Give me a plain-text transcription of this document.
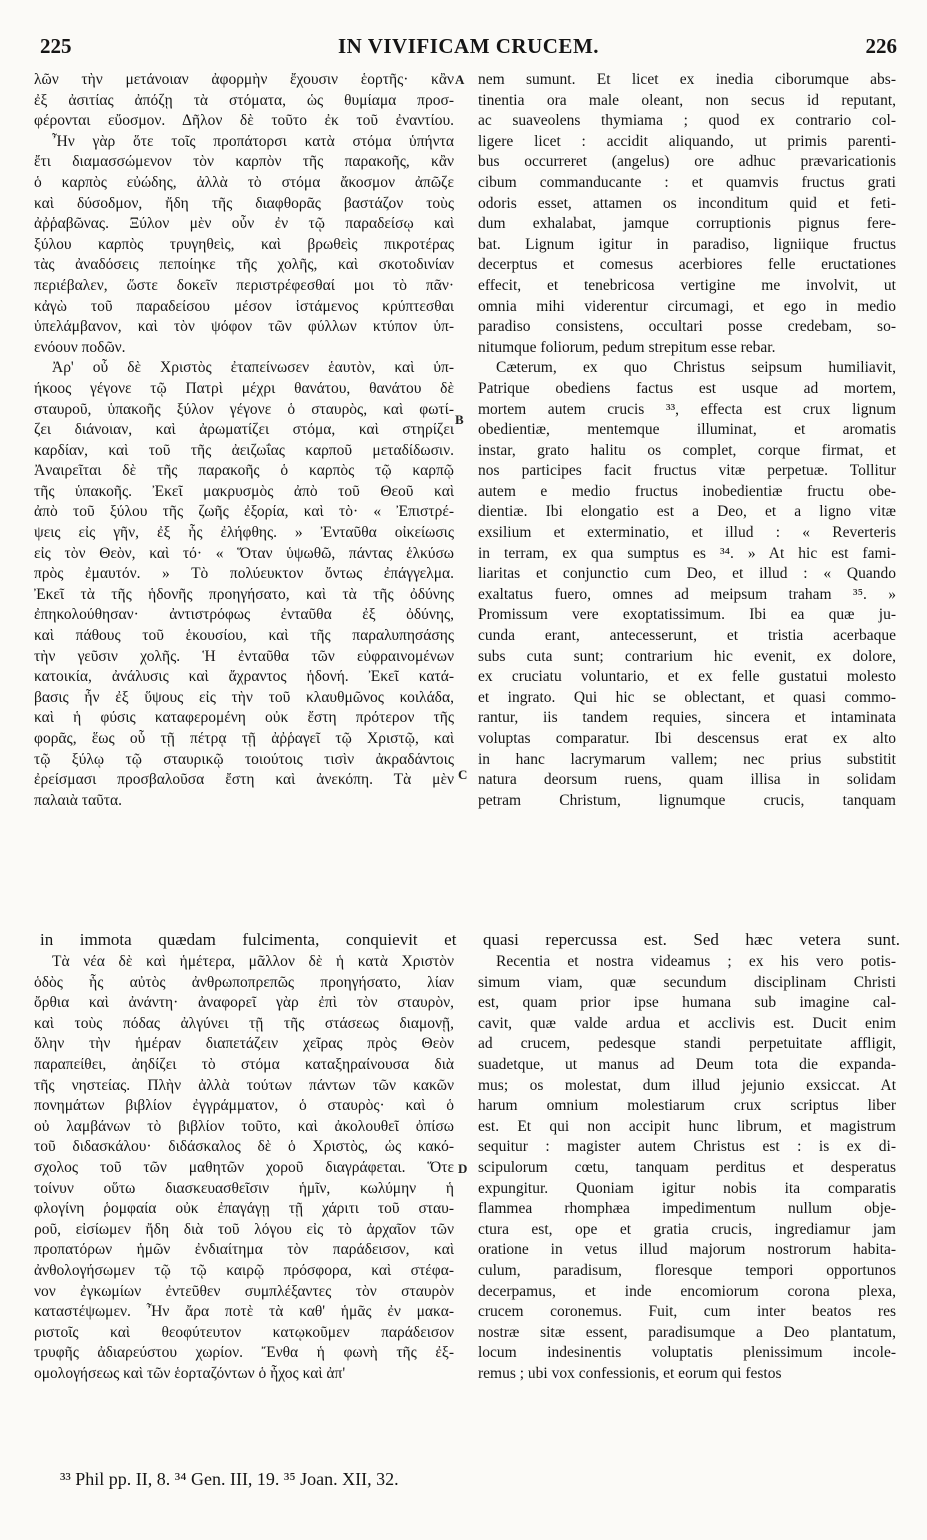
225	IN VIVIFICAM CRUCEM.	226
λῶν τὴν μετάνοιαν ἀφορμὴν ἔχουσιν ἑορτῆς· κἂν
ἐξ ἀσιτίας ἀπόζῃ τὰ στόματα, ὡς θυμίαμα προσ-
φέρονται εὔοσμον. Δῆλον δὲ τοῦτο ἐκ τοῦ ἐναντίου.
Ἦν γὰρ ὅτε τοῖς προπάτορσι κατὰ στόμα ὑπήντα
ἔτι διαμασσώμενον τὸν καρπὸν τῆς παρακοῆς, κἂν
ὁ καρπὸς εὐώδης, ἀλλὰ τὸ στόμα ἄκοσμον ἀπῶζε
καὶ δύσοδμον, ἤδη τῆς διαφθορᾶς βαστάζον τοὺς
ἀῤῥαβῶνας. Ξύλον μὲν οὖν ἐν τῷ παραδείσῳ καὶ
ξύλου καρπὸς τρυγηθεὶς, καὶ βρωθεὶς πικροτέρας
τὰς ἀναδόσεις πεποίηκε τῆς χολῆς, καὶ σκοτοδινίαν
περιέβαλεν, ὥστε δοκεῖν περιστρέφεσθαί μοι τὸ πᾶν·
κἀγὼ τοῦ παραδείσου μέσον ἱστάμενος κρύπτεσθαι
ὑπελάμβανον, καὶ τὸν ψόφον τῶν φύλλων κτύπον ὑπ-
ενόουν ποδῶν.
Ἀρ' οὖ δὲ Χριστὸς ἐταπείνωσεν ἑαυτὸν, καὶ ὑπ-
ήκοος γέγονε τῷ Πατρὶ μέχρι θανάτου, θανάτου δὲ
σταυροῦ, ὑπακοῆς ξύλον γέγονε ὁ σταυρὸς, καὶ φωτί-
ζει διάνοιαν, καὶ ἀρωματίζει στόμα, καὶ στηρίζει
καρδίαν, καὶ τοῦ τῆς ἀειζωΐας καρποῦ μεταδίδωσιν.
Ἀναιρεῖται δὲ τῆς παρακοῆς ὁ καρπὸς τῷ καρπῷ
τῆς ὑπακοῆς. Ἐκεῖ μακρυσμὸς ἀπὸ τοῦ Θεοῦ καὶ
ἀπὸ τοῦ ξύλου τῆς ζωῆς ἐξορία, καὶ τὸ· « Ἐπιστρέ-
ψεις εἰς γῆν, ἐξ ἧς ἐλήφθης. » Ἐνταῦθα οἰκείωσις
εἰς τὸν Θεὸν, καὶ τό· « Ὅταν ὑψωθῶ, πάντας ἑλκύσω
πρὸς ἐμαυτόν. » Τὸ πολύευκτον ὄντως ἐπάγγελμα.
Ἐκεῖ τὰ τῆς ἡδονῆς προηγήσατο, καὶ τὰ τῆς ὀδύνης
ἐπηκολούθησαν· ἀντιστρόφως ἐνταῦθα ἐξ ὀδύνης,
καὶ πάθους τοῦ ἑκουσίου, καὶ τῆς παραλυπησάσης
τὴν γεῦσιν χολῆς. Ἡ ἐνταῦθα τῶν εὐφραινομένων
κατοικία, ἀνάλυσις καὶ ἄχραντος ἡδονή. Ἐκεῖ κατά-
βασις ἦν ἐξ ὕψους εἰς τὴν τοῦ κλαυθμῶνος κοιλάδα,
καὶ ἡ φύσις καταφερομένη οὐκ ἔστη πρότερον τῆς
φορᾶς, ἕως οὗ τῇ πέτρᾳ τῇ ἀῤῥαγεῖ τῷ Χριστῷ, καὶ
τῷ ξύλῳ τῷ σταυρικῷ τοιούτοις τισὶν ἀκραδάντοις
ἐρείσμασι προσβαλοῦσα ἔστη καὶ ἀνεκόπη. Τὰ μὲν
παλαιὰ ταῦτα.
nem sumunt. Et licet ex inedia ciborumque abs-
tinentia ora male oleant, non secus id reputant,
ac suaveolens thymiama ; quod ex contrario col-
ligere licet : accidit aliquando, ut primis parenti-
bus occurreret (angelus) ore adhuc prævaricationis
cibum commanducante : et quamvis fructus grati
odoris esset, attamen os inconditum quid et feti-
dum exhalabat, jamque corruptionis pignus fere-
bat. Lignum igitur in paradiso, ligniique fructus
decerptus et comesus acerbiores felle eructationes
effecit, et tenebricosa vertigine me involvit, ut
omnia mihi viderentur circumagi, et ego in medio
paradiso consistens, occultari posse credebam, so-
nitumque foliorum, pedum strepitum esse rebar.
Cæterum, ex quo Christus seipsum humiliavit,
Patrique obediens factus est usque ad mortem,
mortem autem crucis ³³, effecta est crux lignum
obedientiæ, mentemque illuminat, et aromatis
instar, grato halitu os complet, corque firmat, et
nos participes facit fructus vitæ perpetuæ. Tollitur
autem e medio fructus inobedientiæ fructu obe-
dientiæ. Ibi elongatio est a Deo, et a ligno vitæ
exsilium et exterminatio, et illud : « Reverteris
in terram, ex qua sumptus es ³⁴. » At hic est fami-
liaritas et conjunctio cum Deo, et illud : « Quando
exaltatus fuero, omnes ad meipsum traham ³⁵. »
Promissum vere exoptatissimum. Ibi ea quæ ju-
cunda erant, antecesserunt, et tristia acerbaque
subs cuta sunt; contrarium hic evenit, ex dolore,
ex cruciatu voluntario, et ex felle gustatui molesto
et ingrato. Qui hic se oblectant, et quasi commo-
rantur, iis tandem requies, sincera et intaminata
voluptas comparatur. Ibi descensus erat ex alto
in hanc lacrymarum vallem; nec prius substitit
natura deorsum ruens, quam illisa in solidam
petram Christum, lignumque crucis, tanquam
A
B
C
D
in immota quædam fulcimenta, conquievit et quasi repercussa est. Sed hæc vetera sunt.
Τὰ νέα δὲ καὶ ἡμέτερα, μᾶλλον δὲ ἡ κατὰ Χριστὸν
ὁδὸς ἧς αὐτὸς ἀνθρωποπρεπῶς προηγήσατο, λίαν
ὄρθια καὶ ἀνάντη· ἀναφορεῖ γὰρ ἐπὶ τὸν σταυρὸν,
καὶ τοὺς πόδας ἀλγύνει τῇ τῆς στάσεως διαμονῇ,
ὅλην τὴν ἡμέραν διαπετάζειν χεῖρας πρὸς Θεὸν
παραπείθει, ἀηδίζει τὸ στόμα καταξηραίνουσα διὰ
τῆς νηστείας. Πλὴν ἀλλὰ τούτων πάντων τῶν κακῶν
πονημάτων βιβλίον ἐγγράμματον, ὁ σταυρὸς· καὶ ὁ
οὐ λαμβάνων τὸ βιβλίον τοῦτο, καὶ ἀκολουθεῖ ὀπίσω
τοῦ διδασκάλου· διδάσκαλος δὲ ὁ Χριστὸς, ὡς κακό-
σχολος τοῦ τῶν μαθητῶν χοροῦ διαγράφεται. Ὅτε
τοίνυν οὕτω διασκευασθεῖσιν ἡμῖν, κωλύμην ἡ
φλογίνη ῥομφαία οὐκ ἐπαγάγῃ τῇ χάριτι τοῦ σταυ-
ροῦ, εἰσίωμεν ἤδη διὰ τοῦ λόγου εἰς τὸ ἀρχαῖον τῶν
προπατόρων ἡμῶν ἐνδιαίτημα τὸν παράδεισον, καὶ
ἀνθολογήσωμεν τῷ τῷ καιρῷ πρόσφορα, καὶ στέφα-
νον ἐγκωμίων ἐντεῦθεν συμπλέξαντες τὸν σταυρὸν
καταστέψωμεν. Ἦν ἄρα ποτὲ τὰ καθ' ἡμᾶς ἐν μακα-
ριστοῖς καὶ θεοφύτευτον κατῳκοῦμεν παράδεισον
τρυφῆς ἀδιαρεύστου χωρίον. Ἔνθα ἡ φωνὴ τῆς ἐξ-
ομολογήσεως καὶ τῶν ἑορταζόντων ὁ ἦχος καὶ ἀπ'
Recentia et nostra videamus ; ex his vero potis-
simum viam, quæ secundum disciplinam Christi
est, quam prior ipse humana sub imagine cal-
cavit, quæ valde ardua et acclivis est. Ducit enim
ad crucem, pedesque standi perpetuitate affligit,
suadetque, ut manus ad Deum tota die expanda-
mus; os molestat, dum illud jejunio exsiccat. At
harum omnium molestiarum crux scriptus liber
est. Et qui non accipit hunc librum, et magistrum
sequitur : magister autem Christus est : is ex di-
scipulorum cœtu, tanquam perditus et desperatus
expungitur. Quoniam igitur nobis ita comparatis
flammea rhomphæa impedimentum nullum obje-
ctura est, ope et gratia crucis, ingrediamur jam
oratione in vetus illud majorum nostrorum habita-
culum, paradisum, floresque tempori opportunos
decerpamus, et inde encomiorum corona plexa,
crucem coronemus. Fuit, cum inter beatos res
nostræ sitæ essent, paradisumque a Deo plantatum,
locum indesinentis voluptatis plenissimum incole-
remus ; ubi vox confessionis, et eorum qui festos
³³ Phil pp. II, 8. ³⁴ Gen. III, 19. ³⁵ Joan. XII, 32.
